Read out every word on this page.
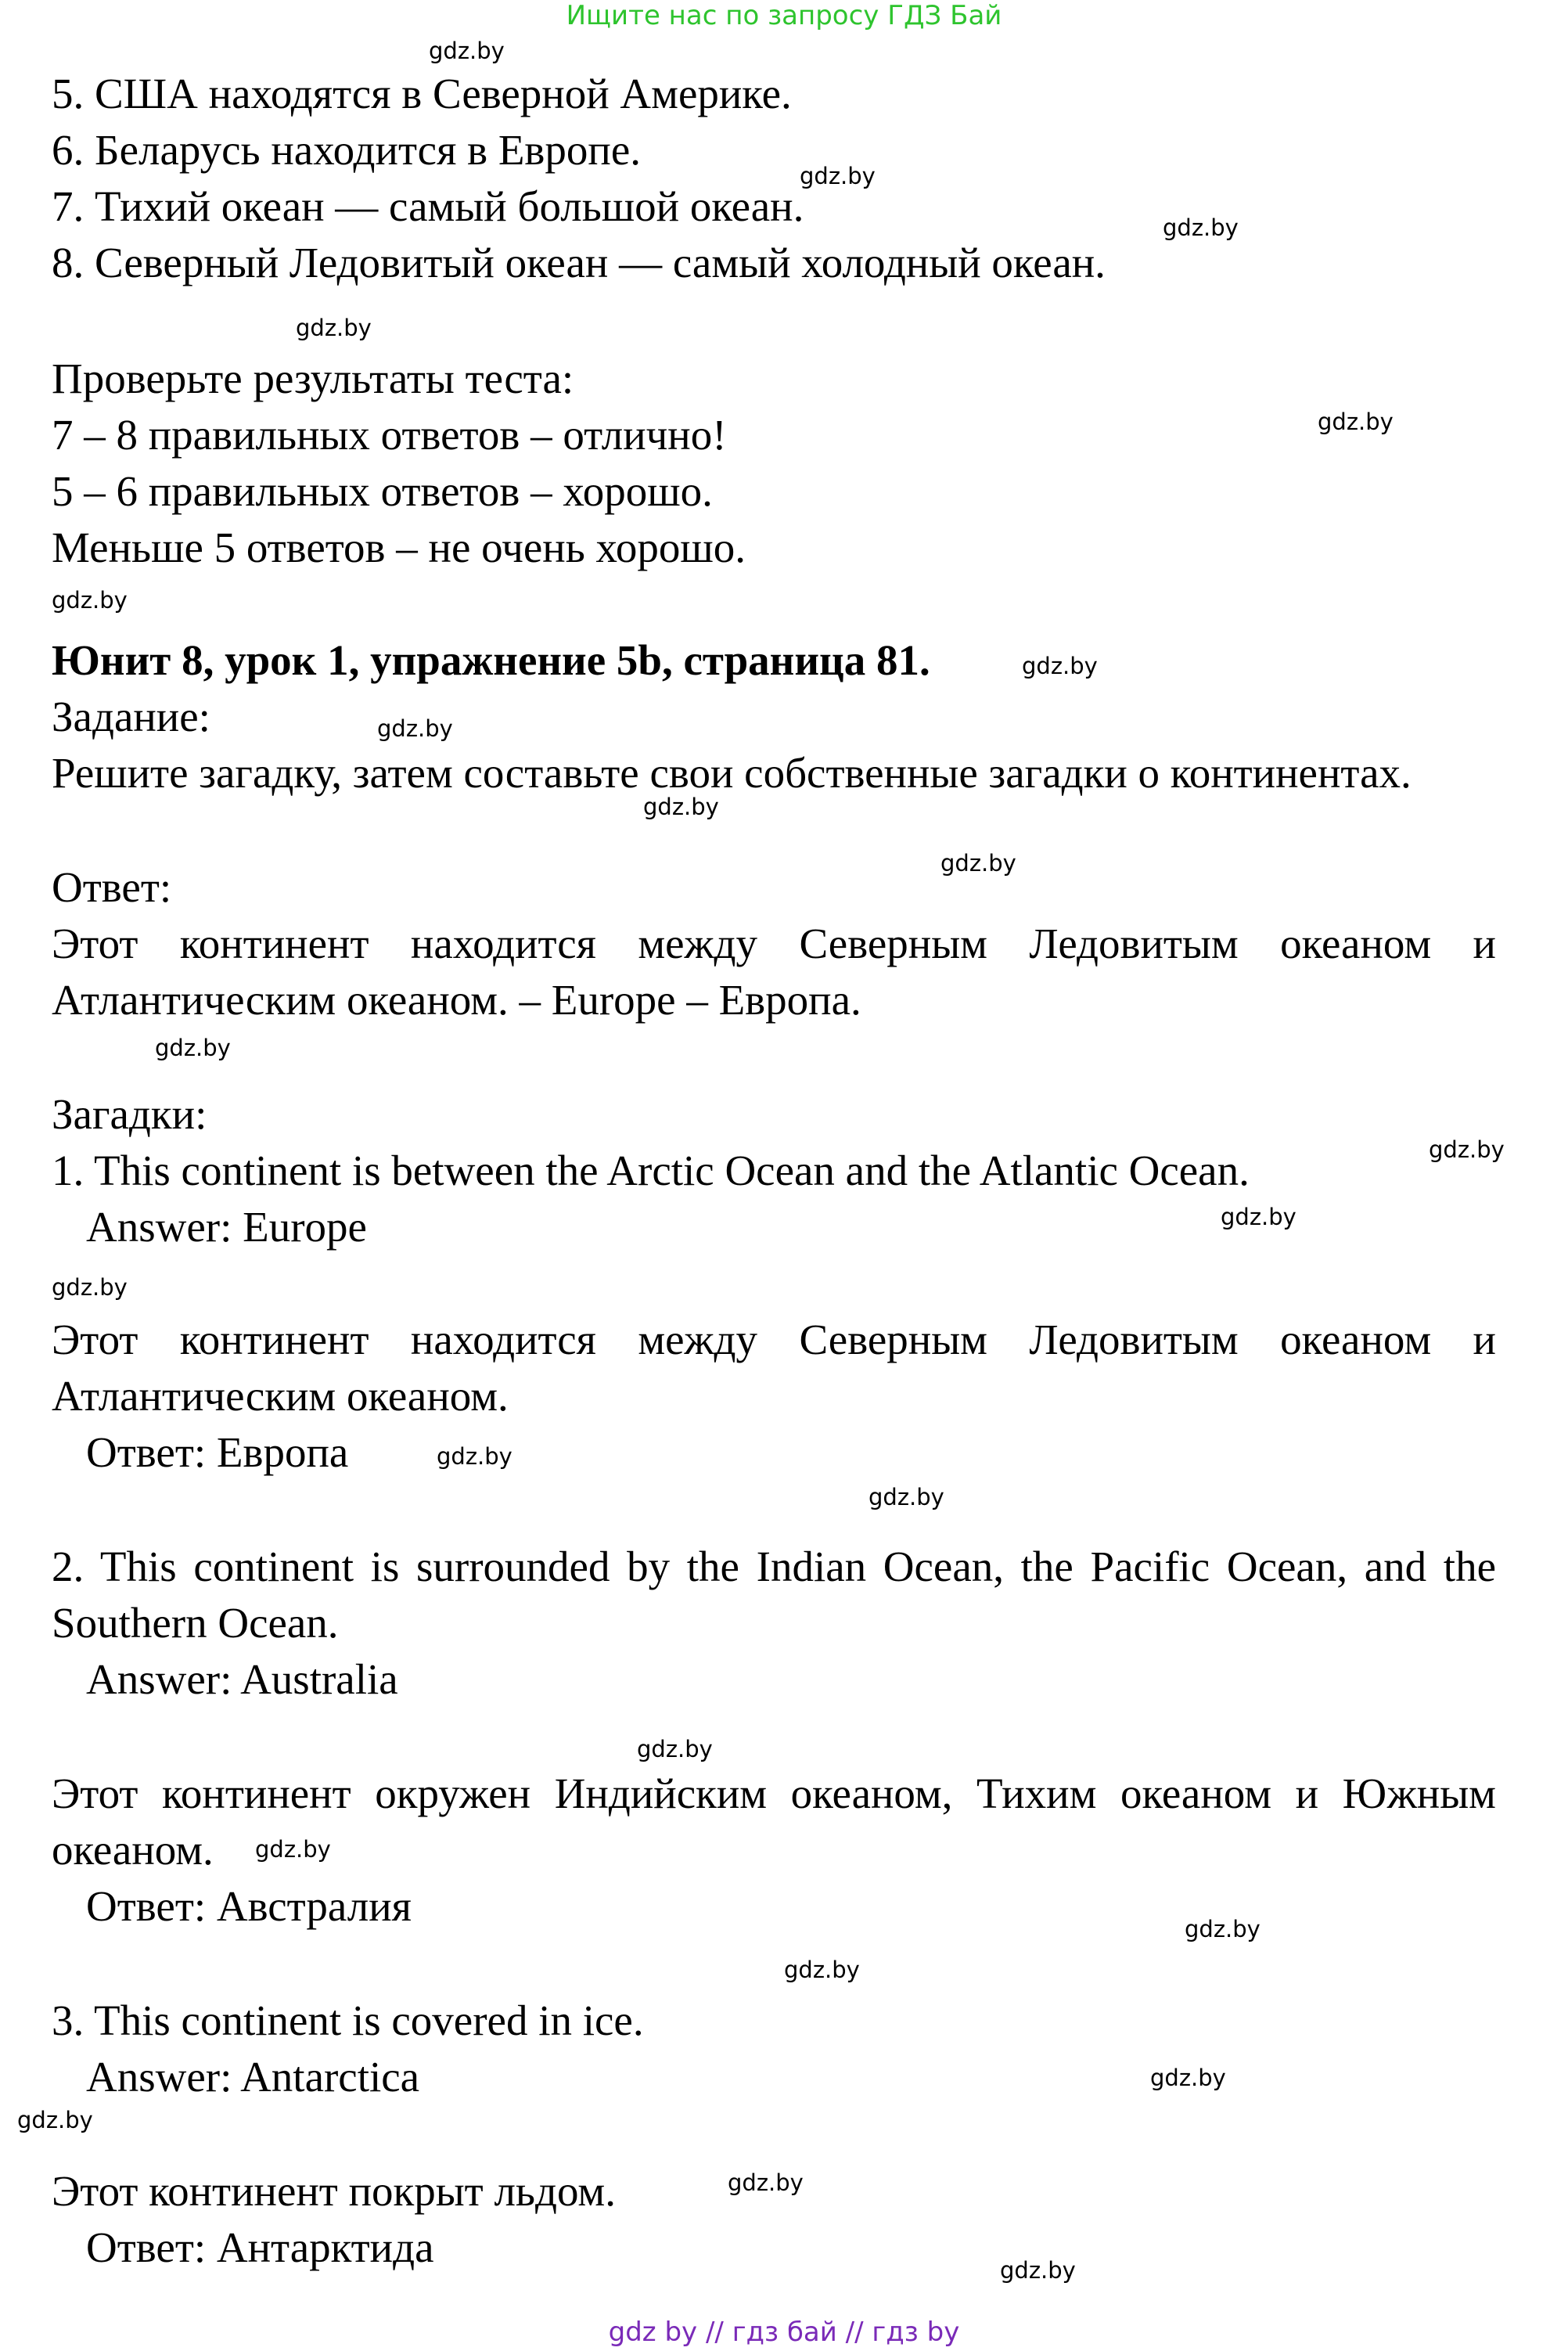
Ищите нас по запросу ГДЗ Бай
5. США находятся в Северной Америке.
6. Беларусь находится в Европе.
7. Тихий океан — самый большой океан.
8. Северный Ледовитый океан — самый холодный океан.
Проверьте результаты теста:
7 – 8 правильных ответов – отлично!
5 – 6 правильных ответов – хорошо.
Меньше 5 ответов – не очень хорошо.
Юнит 8, урок 1, упражнение 5b, страница 81.
Задание:
Решите загадку, затем составьте свои собственные загадки о континентах.
Ответ:
Этот континент находится между Северным Ледовитым океаном и
Атлантическим океаном. – Europe – Европа.
Загадки:
1. This continent is between the Arctic Ocean and the Atlantic Ocean.
Answer: Europe
Этот континент находится между Северным Ледовитым океаном и
Атлантическим океаном.
Ответ: Европа
2. This continent is surrounded by the Indian Ocean, the Pacific Ocean, and the
Southern Ocean.
Answer: Australia
Этот континент окружен Индийским океаном, Тихим океаном и Южным
океаном.
Ответ: Австралия
3. This continent is covered in ice.
Answer: Antarctica
Этот континент покрыт льдом.
Ответ: Антарктида
gdz.by
gdz.by
gdz.by
gdz.by
gdz.by
gdz.by
gdz.by
gdz.by
gdz.by
gdz.by
gdz.by
gdz.by
gdz.by
gdz.by
gdz.by
gdz.by
gdz.by
gdz.by
gdz.by
gdz.by
gdz.by
gdz.by
gdz.by
gdz.by
gdz by // гдз бай // гдз by
